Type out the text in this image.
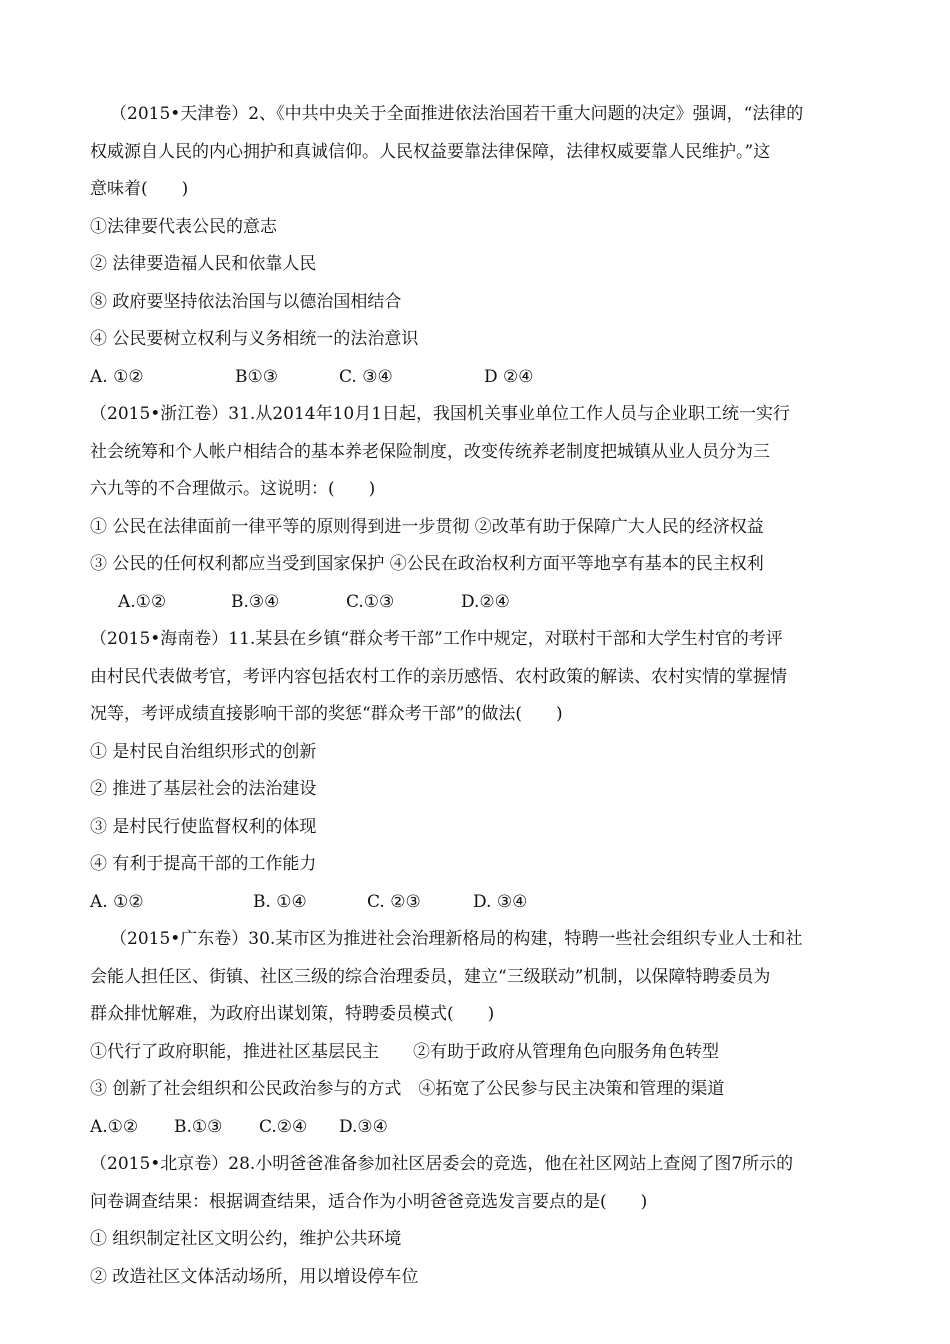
（2015•天津卷）2、《中共中央关于全面推进依法治国若干重大问题的决定》强调，“法律的
权威源自人民的内心拥护和真诚信仰。人民权益要靠法律保障，法律权威要靠人民维护。”这
意味着(　　)
①法律要代表公民的意志
② 法律要造福人民和依靠人民
⑧ 政府要坚持依法治国与以德治国相结合
④ 公民要树立权利与义务相统一的法治意识
A. ①②	B①③	C. ③④	D ②④
（2015•浙江卷）31.从2014年10月1日起，我国机关事业单位工作人员与企业职工统一实行
社会统筹和个人帐户相结合的基本养老保险制度，改变传统养老制度把城镇从业人员分为三
六九等的不合理做示。这说明：(　　)
① 公民在法律面前一律平等的原则得到进一步贯彻 ②改革有助于保障广大人民的经济权益
③ 公民的任何权利都应当受到国家保护 ④公民在政治权利方面平等地享有基本的民主权利
A.①②	B.③④	C.①③	D.②④
（2015•海南卷）11.某县在乡镇“群众考干部”工作中规定，对联村干部和大学生村官的考评
由村民代表做考官，考评内容包括农村工作的亲历感悟、农村政策的解读、农村实情的掌握情
况等，考评成绩直接影响干部的奖惩“群众考干部”的做法(　　)
① 是村民自治组织形式的创新
② 推进了基层社会的法治建设
③ 是村民行使监督权利的体现
④ 有利于提高干部的工作能力
A. ①②	B. ①④	C. ②③	D. ③④
（2015•广东卷）30.某市区为推进社会治理新格局的构建，特聘一些社会组织专业人士和社
会能人担任区、街镇、社区三级的综合治理委员，建立“三级联动”机制，以保障特聘委员为
群众排忧解难，为政府出谋划策，特聘委员模式(　　)
①代行了政府职能，推进社区基层民主　　②有助于政府从管理角色向服务角色转型
③ 创新了社会组织和公民政治参与的方式　④拓宽了公民参与民主决策和管理的渠道
A.①② B.①③ C.②④ D.③④
（2015•北京卷）28.小明爸爸准备参加社区居委会的竞选，他在社区网站上查阅了图7所示的
问卷调查结果：根据调查结果，适合作为小明爸爸竞选发言要点的是(　　)
① 组织制定社区文明公约，维护公共环境
② 改造社区文体活动场所，用以增设停车位
